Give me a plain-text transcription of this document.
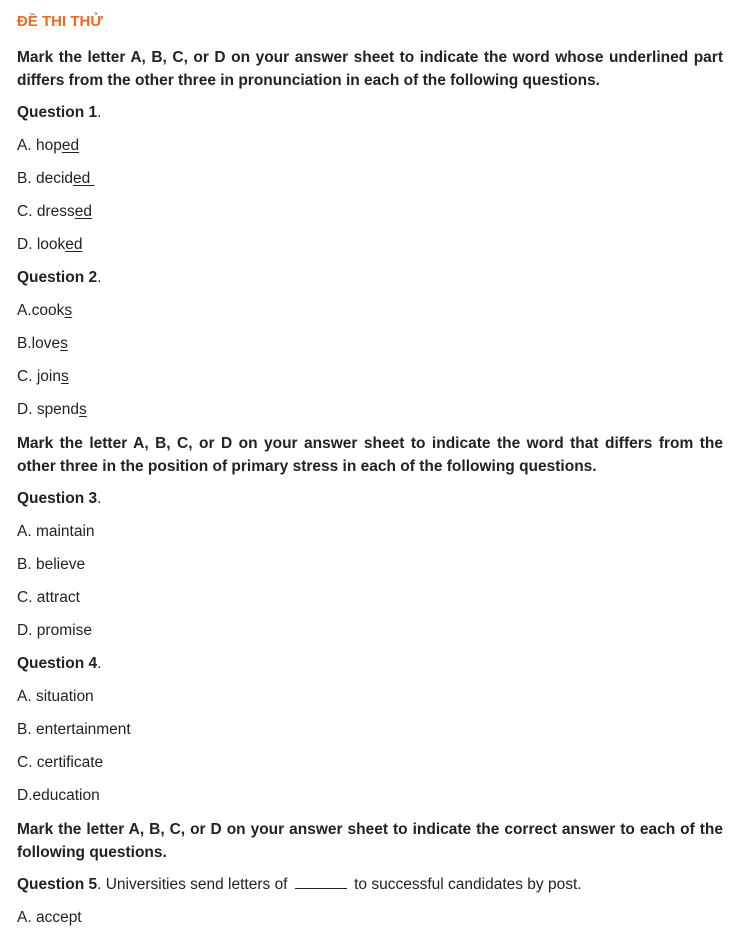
ĐỀ THI THỬ
Mark the letter A, B, C, or D on your answer sheet to indicate the word whose underlined part differs from the other three in pronunciation in each of the following questions.
Question 1.
A. hoped
B. decided
C. dressed
D. looked
Question 2.
A.cooks
B.loves
C. joins
D. spends
Mark the letter A, B, C, or D on your answer sheet to indicate the word that differs from the other three in the position of primary stress in each of the following questions.
Question 3.
A. maintain
B. believe
C. attract
D. promise
Question 4.
A. situation
B. entertainment
C. certificate
D.education
Mark the letter A, B, C, or D on your answer sheet to indicate the correct answer to each of the following questions.
Question 5. Universities send letters of	to successful candidates by post.
A. accept
